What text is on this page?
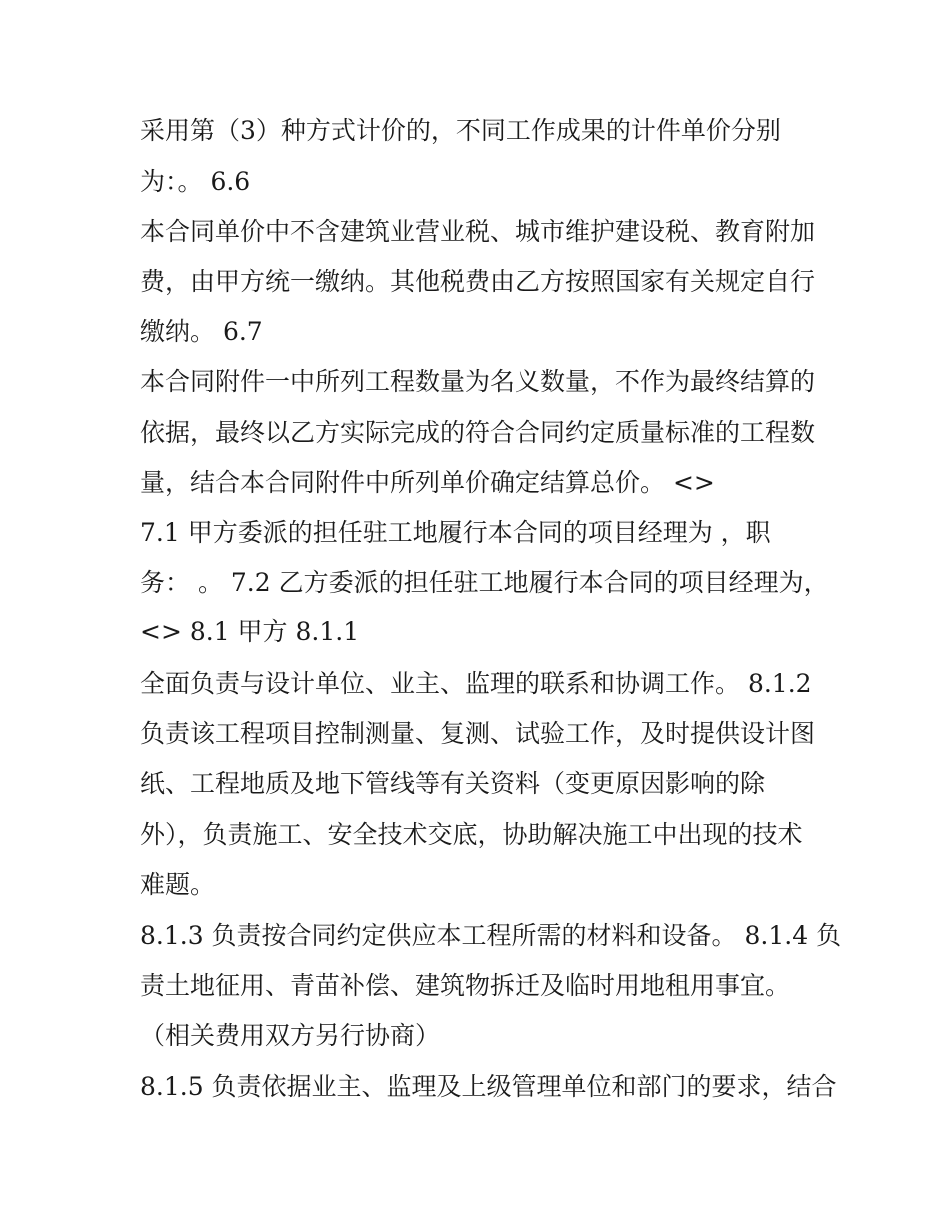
采用第（3）种方式计价的，不同工作成果的计件单价分别
为：。 6.6
本合同单价中不含建筑业营业税、城市维护建设税、教育附加
费，由甲方统一缴纳。其他税费由乙方按照国家有关规定自行
缴纳。 6.7
本合同附件一中所列工程数量为名义数量，不作为最终结算的
依据，最终以乙方实际完成的符合合同约定质量标准的工程数
量，结合本合同附件中所列单价确定结算总价。 <>
7.1 甲方委派的担任驻工地履行本合同的项目经理为 ，职
务： 。 7.2 乙方委派的担任驻工地履行本合同的项目经理为，
<> 8.1 甲方 8.1.1
全面负责与设计单位、业主、监理的联系和协调工作。 8.1.2
负责该工程项目控制测量、复测、试验工作，及时提供设计图
纸、工程地质及地下管线等有关资料（变更原因影响的除
外），负责施工、安全技术交底，协助解决施工中出现的技术
难题。
8.1.3 负责按合同约定供应本工程所需的材料和设备。 8.1.4 负
责土地征用、青苗补偿、建筑物拆迁及临时用地租用事宜。
（相关费用双方另行协商）
8.1.5 负责依据业主、监理及上级管理单位和部门的要求，结合
